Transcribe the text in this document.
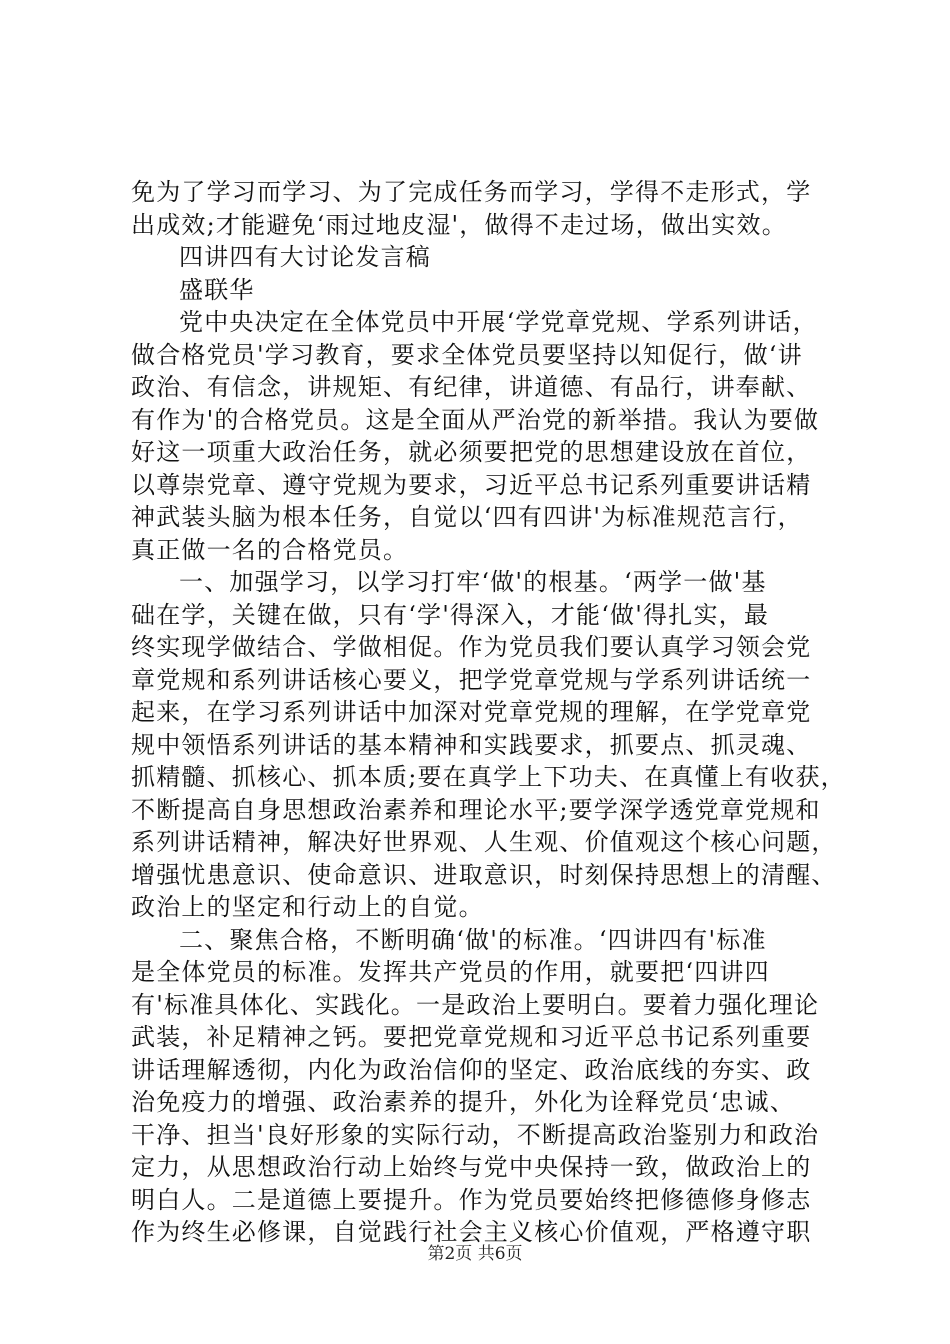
免为了学习而学习、为了完成任务而学习，学得不走形式，学
出成效;才能避免‘雨过地皮湿'，做得不走过场，做出实效。
四讲四有大讨论发言稿
盛联华
党中央决定在全体党员中开展‘学党章党规、学系列讲话，
做合格党员'学习教育，要求全体党员要坚持以知促行，做‘讲
政治、有信念，讲规矩、有纪律，讲道德、有品行，讲奉献、
有作为'的合格党员。这是全面从严治党的新举措。我认为要做
好这一项重大政治任务，就必须要把党的思想建设放在首位，
以尊崇党章、遵守党规为要求，习近平总书记系列重要讲话精
神武装头脑为根本任务，自觉以‘四有四讲'为标准规范言行，
真正做一名的合格党员。
一、加强学习，以学习打牢‘做'的根基。‘两学一做'基
础在学，关键在做，只有‘学'得深入，才能‘做'得扎实，最
终实现学做结合、学做相促。作为党员我们要认真学习领会党
章党规和系列讲话核心要义，把学党章党规与学系列讲话统一
起来，在学习系列讲话中加深对党章党规的理解，在学党章党
规中领悟系列讲话的基本精神和实践要求，抓要点、抓灵魂、
抓精髓、抓核心、抓本质;要在真学上下功夫、在真懂上有收获，
不断提高自身思想政治素养和理论水平;要学深学透党章党规和
系列讲话精神，解决好世界观、人生观、价值观这个核心问题，
增强忧患意识、使命意识、进取意识，时刻保持思想上的清醒、
政治上的坚定和行动上的自觉。
二、聚焦合格，不断明确‘做'的标准。‘四讲四有'标准
是全体党员的标准。发挥共产党员的作用，就要把‘四讲四
有'标准具体化、实践化。一是政治上要明白。要着力强化理论
武装，补足精神之钙。要把党章党规和习近平总书记系列重要
讲话理解透彻，内化为政治信仰的坚定、政治底线的夯实、政
治免疫力的增强、政治素养的提升，外化为诠释党员‘忠诚、
干净、担当'良好形象的实际行动，不断提高政治鉴别力和政治
定力，从思想政治行动上始终与党中央保持一致，做政治上的
明白人。二是道德上要提升。作为党员要始终把修德修身修志
作为终生必修课，自觉践行社会主义核心价值观，严格遵守职
第2页 共6页
